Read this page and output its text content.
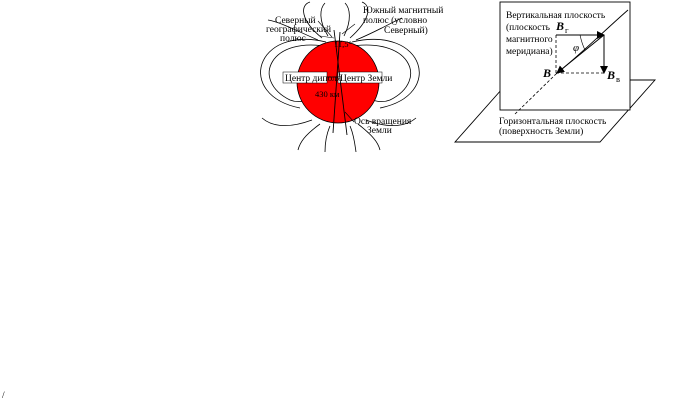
Северный
географический
полюс
Южный магнитный
полюс (условно
Северный)
Центр диполя
Центр Земли
11,5°
430 км
Ось вращения
Земли
Вертикальная плоскость
(плоскость
магнитного
меридиана)
B г
φ
B	B в
Горизонтальная плоскость
(поверхность Земли)
/
